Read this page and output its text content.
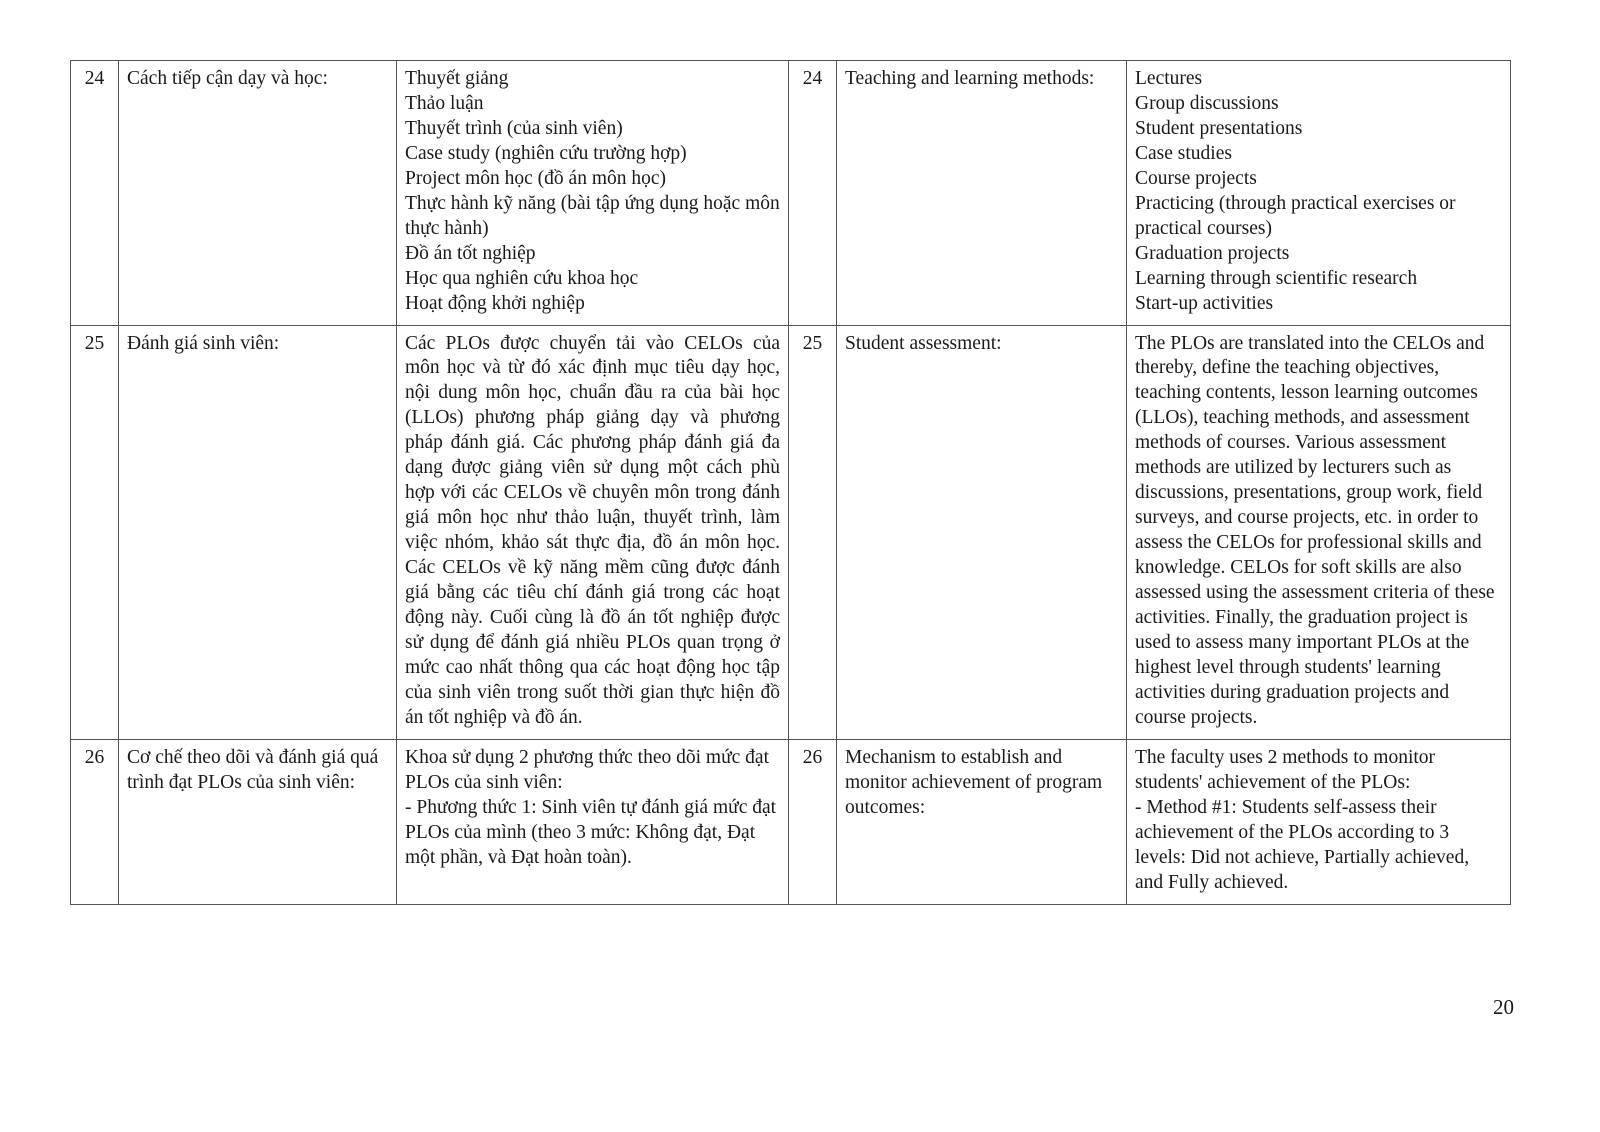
24	Cách tiếp cận dạy và học:	Thuyết giảng
Thảo luận
Thuyết trình (của sinh viên)
Case study (nghiên cứu trường hợp)
Project môn học (đồ án môn học)
Thực hành kỹ năng (bài tập ứng dụng hoặc môn thực hành)
Đồ án tốt nghiệp
Học qua nghiên cứu khoa học
Hoạt động khởi nghiệp
	24	Teaching and learning methods:	Lectures
Group discussions
Student presentations
Case studies
Course projects
Practicing (through practical exercises or practical courses)
Graduation projects
Learning through scientific research
Start-up activities

25	Đánh giá sinh viên:	Các PLOs được chuyển tải vào CELOs của môn học và từ đó xác định mục tiêu dạy học, nội dung môn học, chuẩn đầu ra của bài học (LLOs) phương pháp giảng dạy và phương pháp đánh giá. Các phương pháp đánh giá đa dạng được giảng viên sử dụng một cách phù hợp với các CELOs về chuyên môn trong đánh giá môn học như thảo luận, thuyết trình, làm việc nhóm, khảo sát thực địa, đồ án môn học. Các CELOs về kỹ năng mềm cũng được đánh giá bằng các tiêu chí đánh giá trong các hoạt động này. Cuối cùng là đồ án tốt nghiệp được sử dụng để đánh giá nhiều PLOs quan trọng ở mức cao nhất thông qua các hoạt động học tập của sinh viên trong suốt thời gian thực hiện đồ án tốt nghiệp và đồ án.	25	Student assessment:	The PLOs are translated into the CELOs and thereby, define the teaching objectives, teaching contents, lesson learning outcomes (LLOs), teaching methods, and assessment methods of courses. Various assessment methods are utilized by lecturers such as discussions, presentations, group work, field surveys, and course projects, etc. in order to assess the CELOs for professional skills and knowledge. CELOs for soft skills are also assessed using the assessment criteria of these activities. Finally, the graduation project is used to assess many important PLOs at the highest level through students' learning activities during graduation projects and course projects.
26	Cơ chế theo dõi và đánh giá quá trình đạt PLOs của sinh viên:	Khoa sử dụng 2 phương thức theo dõi mức đạt PLOs của sinh viên:
- Phương thức 1: Sinh viên tự đánh giá mức đạt PLOs của mình (theo 3 mức: Không đạt, Đạt một phần, và Đạt hoàn toàn).	26	Mechanism to establish and monitor achievement of program outcomes:	The faculty uses 2 methods to monitor students' achievement of the PLOs:
- Method #1: Students self-assess their achievement of the PLOs according to 3 levels: Did not achieve, Partially achieved, and Fully achieved.
20
